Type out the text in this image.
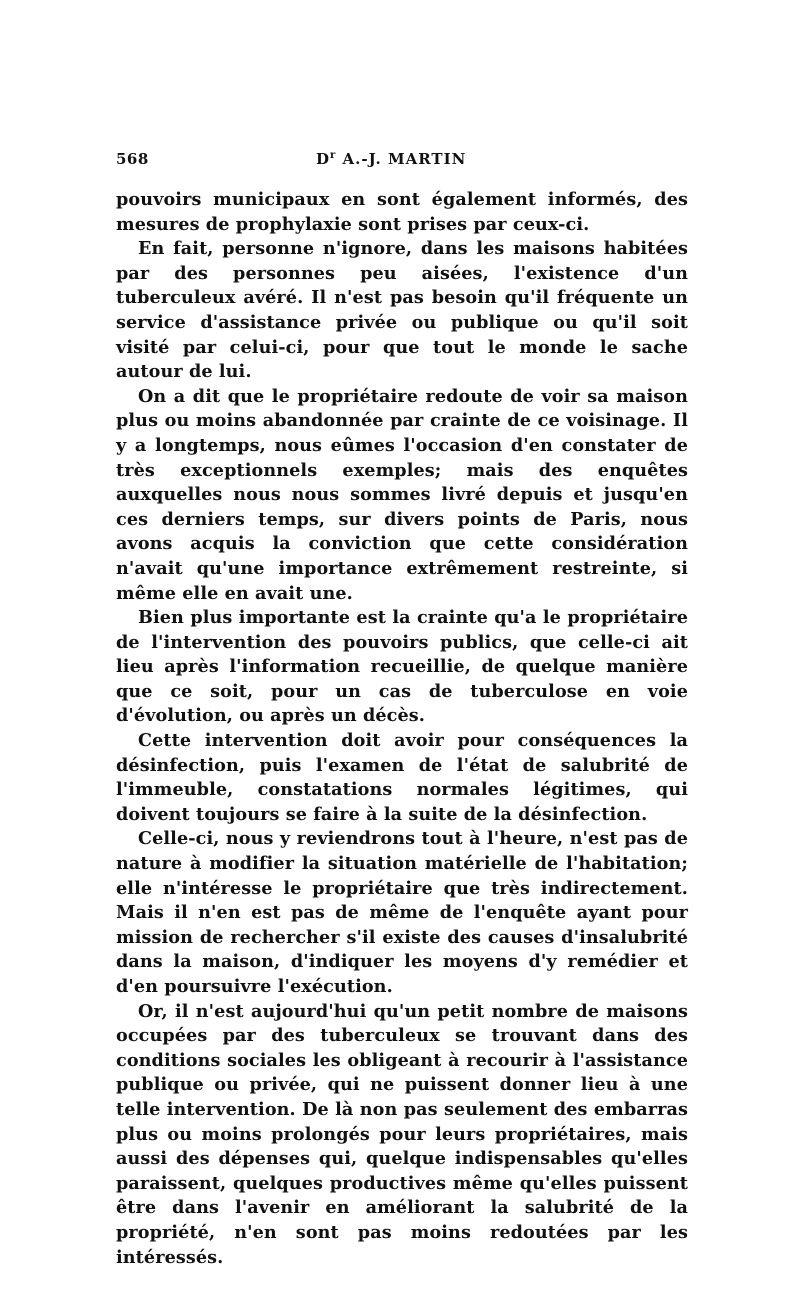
568	$D^r$ A.-J. MARTIN

pouvoirs municipaux en sont également informés, des mesures de prophylaxie sont prises par ceux-ci.

En fait, personne n'ignore, dans les maisons habitées par des personnes peu aisées, l'existence d'un tuberculeux avéré. Il n'est pas besoin qu'il fréquente un service d'assistance privée ou publique ou qu'il soit visité par celui-ci, pour que tout le monde le sache autour de lui.

On a dit que le propriétaire redoute de voir sa maison plus ou moins abandonnée par crainte de ce voisinage. Il y a longtemps, nous eûmes l'occasion d'en constater de très exceptionnels exemples; mais des enquêtes auxquelles nous nous sommes livré depuis et jusqu'en ces derniers temps, sur divers points de Paris, nous avons acquis la conviction que cette considération n'avait qu'une importance extrêmement restreinte, si même elle en avait une.

Bien plus importante est la crainte qu'a le propriétaire de l'intervention des pouvoirs publics, que celle-ci ait lieu après l'information recueillie, de quelque manière que ce soit, pour un cas de tuberculose en voie d'évolution, ou après un décès.

Cette intervention doit avoir pour conséquences la désinfection, puis l'examen de l'état de salubrité de l'immeuble, constatations normales légitimes, qui doivent toujours se faire à la suite de la désinfection.

Celle-ci, nous y reviendrons tout à l'heure, n'est pas de nature à modifier la situation matérielle de l'habitation; elle n'intéresse le propriétaire que très indirectement. Mais il n'en est pas de même de l'enquête ayant pour mission de rechercher s'il existe des causes d'insalubrité dans la maison, d'indiquer les moyens d'y remédier et d'en poursuivre l'exécution.

Or, il n'est aujourd'hui qu'un petit nombre de maisons occupées par des tuberculeux se trouvant dans des conditions sociales les obligeant à recourir à l'assistance publique ou privée, qui ne puissent donner lieu à une telle intervention. De là non pas seulement des embarras plus ou moins prolongés pour leurs propriétaires, mais aussi des dépenses qui, quelque indispensables qu'elles paraissent, quelques productives même qu'elles puissent être dans l'avenir en améliorant la salubrité de la propriété, n'en sont pas moins redoutées par les intéressés.
